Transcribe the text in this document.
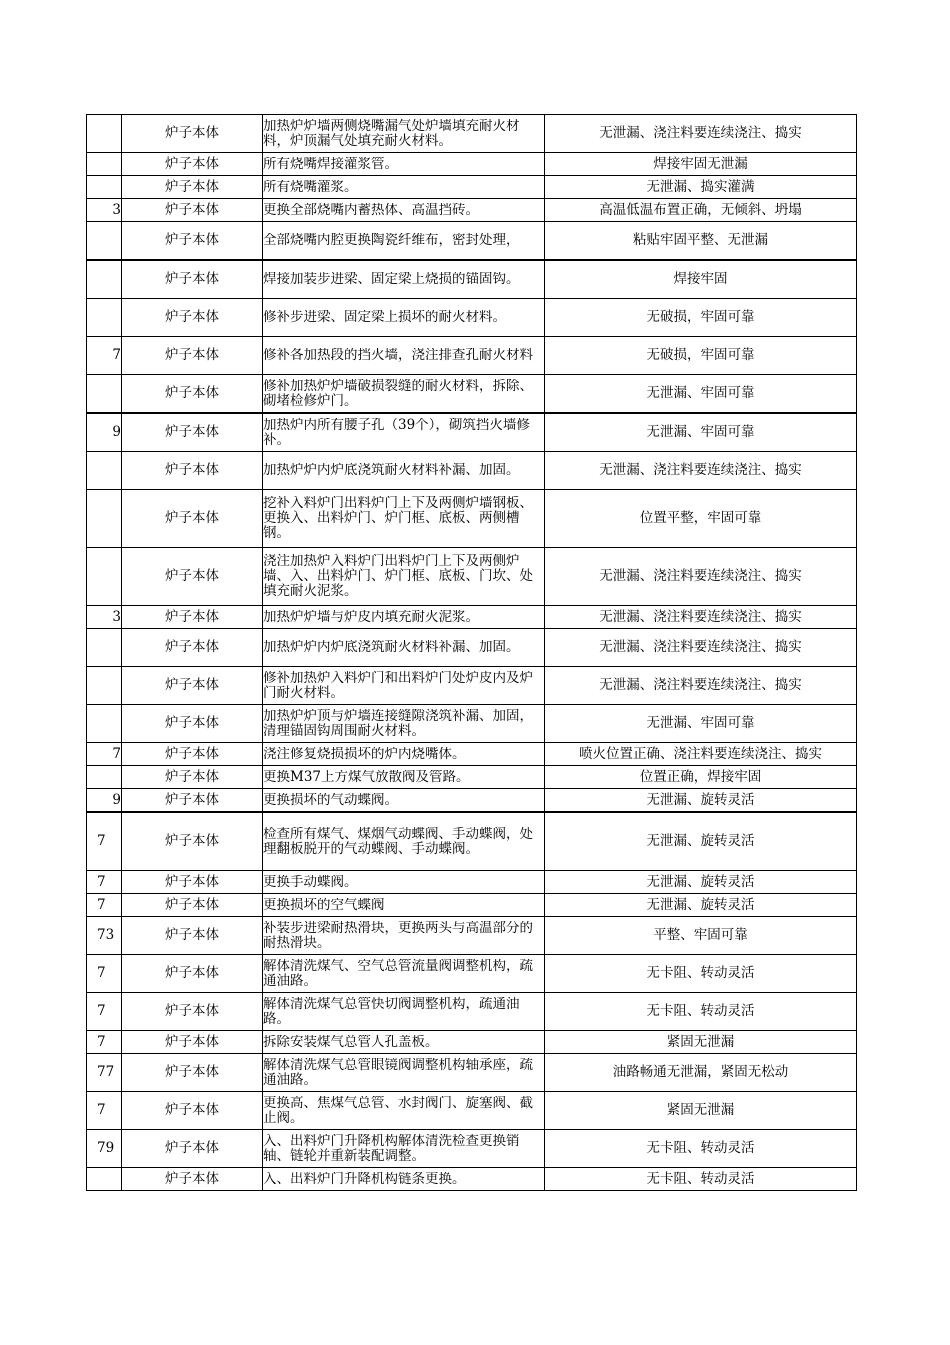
	炉子本体	加热炉炉墙两侧烧嘴漏气处炉墙填充耐火材料，炉顶漏气处填充耐火材料。	无泄漏、浇注料要连续浇注、捣实
	炉子本体	所有烧嘴焊接灌浆管。	焊接牢固无泄漏
	炉子本体	所有烧嘴灌浆。	无泄漏、捣实灌满
3	炉子本体	更换全部烧嘴内蓄热体、高温挡砖。	高温低温布置正确，无倾斜、坍塌
	炉子本体	全部烧嘴内腔更换陶瓷纤维布，密封处理，	粘贴牢固平整、无泄漏
	炉子本体	焊接加装步进梁、固定梁上烧损的锚固钩。	焊接牢固
	炉子本体	修补步进梁、固定梁上损坏的耐火材料。	无破损，牢固可靠
7	炉子本体	修补各加热段的挡火墙，浇注排查孔耐火材料	无破损，牢固可靠
	炉子本体	修补加热炉炉墙破损裂缝的耐火材料，拆除、砌堵检修炉门。	无泄漏、牢固可靠
9	炉子本体	加热炉内所有腰子孔（39个），砌筑挡火墙修补。	无泄漏、牢固可靠
	炉子本体	加热炉炉内炉底浇筑耐火材料补漏、加固。	无泄漏、浇注料要连续浇注、捣实
	炉子本体	挖补入料炉门出料炉门上下及两侧炉墙钢板、更换入、出料炉门、炉门框、底板、两侧槽钢。	位置平整，牢固可靠
	炉子本体	浇注加热炉入料炉门出料炉门上下及两侧炉墙、入、出料炉门、炉门框、底板、门坎、处填充耐火泥浆。	无泄漏、浇注料要连续浇注、捣实
3	炉子本体	加热炉炉墙与炉皮内填充耐火泥浆。	无泄漏、浇注料要连续浇注、捣实
	炉子本体	加热炉炉内炉底浇筑耐火材料补漏、加固。	无泄漏、浇注料要连续浇注、捣实
	炉子本体	修补加热炉入料炉门和出料炉门处炉皮内及炉门耐火材料。	无泄漏、浇注料要连续浇注、捣实
	炉子本体	加热炉炉顶与炉墙连接缝隙浇筑补漏、加固，清理锚固钩周围耐火材料。	无泄漏、牢固可靠
7	炉子本体	浇注修复烧损损坏的炉内烧嘴体。	喷火位置正确、浇注料要连续浇注、捣实
	炉子本体	更换M37上方煤气放散阀及管路。	位置正确，焊接牢固
9	炉子本体	更换损坏的气动蝶阀。	无泄漏、旋转灵活
7	炉子本体	检查所有煤气、煤烟气动蝶阀、手动蝶阀，处理翻板脱开的气动蝶阀、手动蝶阀。	无泄漏、旋转灵活
7	炉子本体	更换手动蝶阀。	无泄漏、旋转灵活
7	炉子本体	更换损坏的空气蝶阀	无泄漏、旋转灵活
73	炉子本体	补装步进梁耐热滑块，更换两头与高温部分的耐热滑块。	平整、牢固可靠
7	炉子本体	解体清洗煤气、空气总管流量阀调整机构，疏通油路。	无卡阻、转动灵活
7	炉子本体	解体清洗煤气总管快切阀调整机构，疏通油路。	无卡阻、转动灵活
7	炉子本体	拆除安装煤气总管人孔盖板。	紧固无泄漏
77	炉子本体	解体清洗煤气总管眼镜阀调整机构轴承座，疏通油路。	油路畅通无泄漏，紧固无松动
7	炉子本体	更换高、焦煤气总管、水封阀门、旋塞阀、截止阀。	紧固无泄漏
79	炉子本体	入、出料炉门升降机构解体清洗检查更换销轴、链轮并重新装配调整。	无卡阻、转动灵活
	炉子本体	入、出料炉门升降机构链条更换。	无卡阻、转动灵活
